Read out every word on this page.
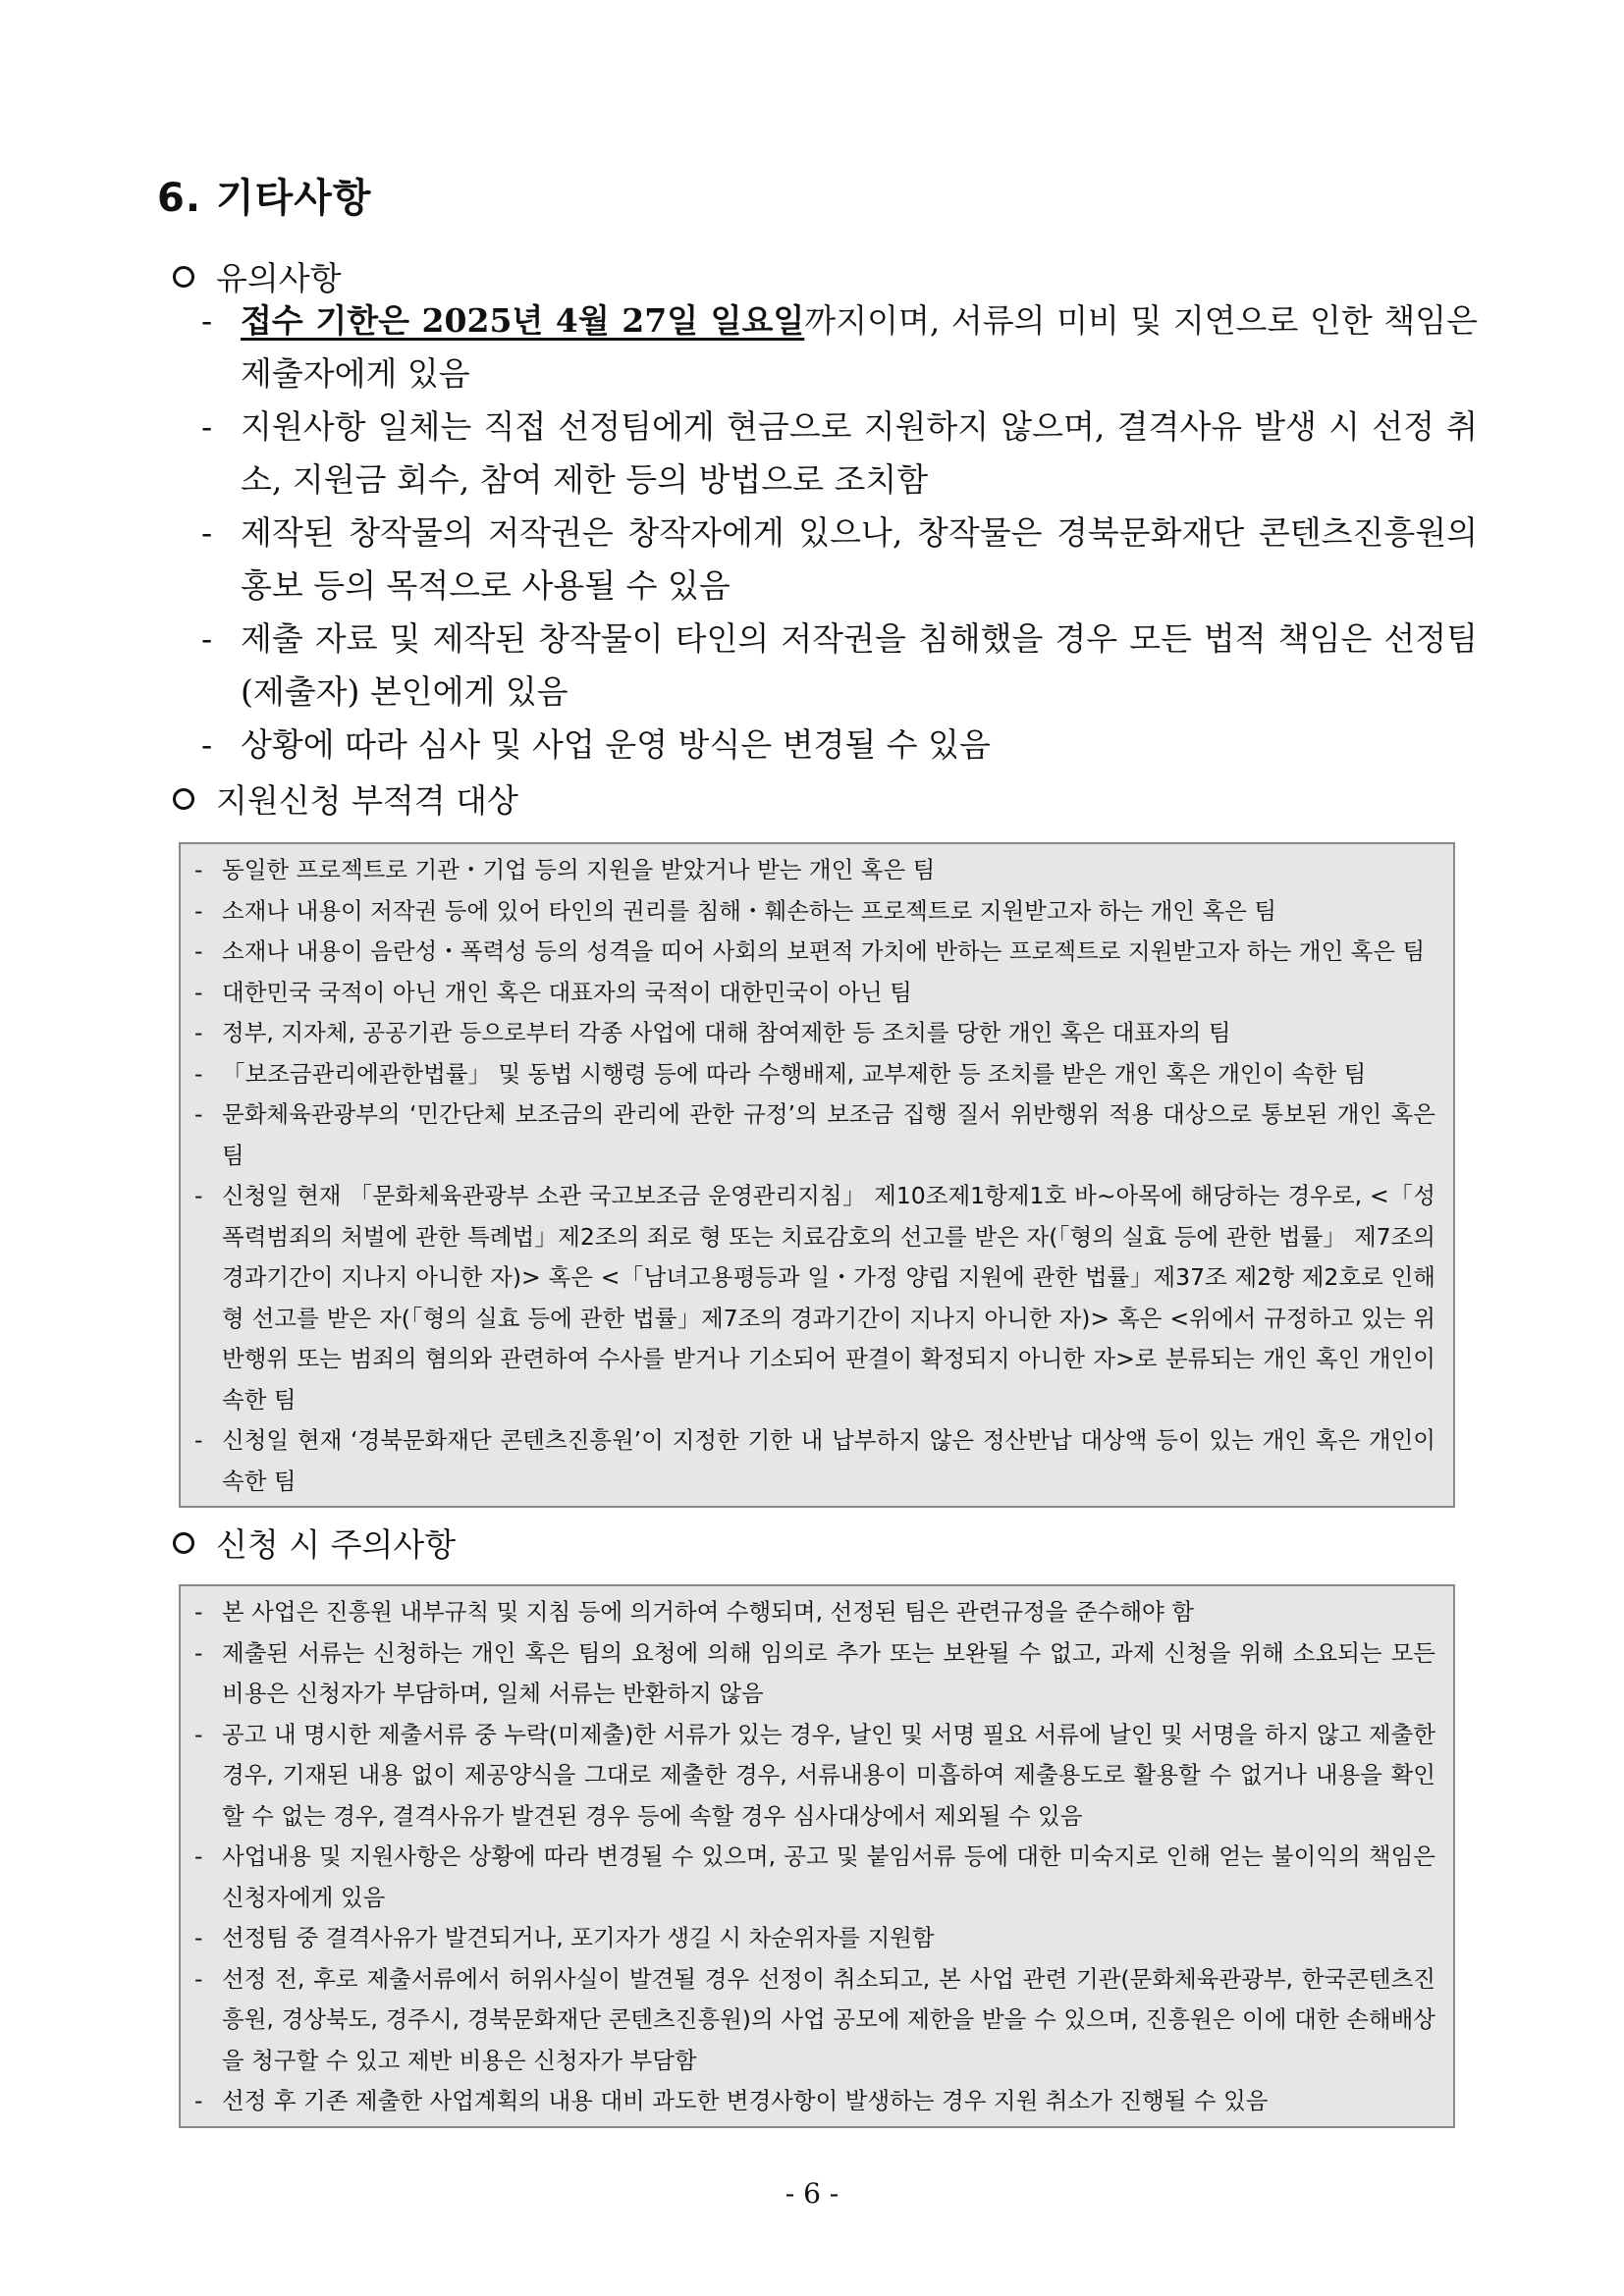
6. 기타사항
유의사항
- 접수 기한은 2025년 4월 27일 일요일까지이며, 서류의 미비 및 지연으로 인한 책임은 제출자에게 있음
- 지원사항 일체는 직접 선정팀에게 현금으로 지원하지 않으며, 결격사유 발생 시 선정 취소, 지원금 회수, 참여 제한 등의 방법으로 조치함
- 제작된 창작물의 저작권은 창작자에게 있으나, 창작물은 경북문화재단 콘텐츠진흥원의 홍보 등의 목적으로 사용될 수 있음
- 제출 자료 및 제작된 창작물이 타인의 저작권을 침해했을 경우 모든 법적 책임은 선정팀(제출자) 본인에게 있음
- 상황에 따라 심사 및 사업 운영 방식은 변경될 수 있음
지원신청 부적격 대상
- 동일한 프로젝트로 기관・기업 등의 지원을 받았거나 받는 개인 혹은 팀
- 소재나 내용이 저작권 등에 있어 타인의 권리를 침해・훼손하는 프로젝트로 지원받고자 하는 개인 혹은 팀
- 소재나 내용이 음란성・폭력성 등의 성격을 띠어 사회의 보편적 가치에 반하는 프로젝트로 지원받고자 하는 개인 혹은 팀
- 대한민국 국적이 아닌 개인 혹은 대표자의 국적이 대한민국이 아닌 팀
- 정부, 지자체, 공공기관 등으로부터 각종 사업에 대해 참여제한 등 조치를 당한 개인 혹은 대표자의 팀
- 「보조금관리에관한법률」 및 동법 시행령 등에 따라 수행배제, 교부제한 등 조치를 받은 개인 혹은 개인이 속한 팀
- 문화체육관광부의 ‘민간단체 보조금의 관리에 관한 규정’의 보조금 집행 질서 위반행위 적용 대상으로 통보된 개인 혹은 팀
- 신청일 현재 「문화체육관광부 소관 국고보조금 운영관리지침」 제10조제1항제1호 바~아목에 해당하는 경우로, <「성폭력범죄의 처벌에 관한 특례법」제2조의 죄로 형 또는 치료감호의 선고를 받은 자(「형의 실효 등에 관한 법률」 제7조의 경과기간이 지나지 아니한 자)> 혹은 <「남녀고용평등과 일・가정 양립 지원에 관한 법률」제37조 제2항 제2호로 인해 형 선고를 받은 자(「형의 실효 등에 관한 법률」제7조의 경과기간이 지나지 아니한 자)> 혹은 <위에서 규정하고 있는 위반행위 또는 범죄의 혐의와 관련하여 수사를 받거나 기소되어 판결이 확정되지 아니한 자>로 분류되는 개인 혹인 개인이 속한 팀
- 신청일 현재 ‘경북문화재단 콘텐츠진흥원’이 지정한 기한 내 납부하지 않은 정산반납 대상액 등이 있는 개인 혹은 개인이 속한 팀
신청 시 주의사항
- 본 사업은 진흥원 내부규칙 및 지침 등에 의거하여 수행되며, 선정된 팀은 관련규정을 준수해야 함
- 제출된 서류는 신청하는 개인 혹은 팀의 요청에 의해 임의로 추가 또는 보완될 수 없고, 과제 신청을 위해 소요되는 모든 비용은 신청자가 부담하며, 일체 서류는 반환하지 않음
- 공고 내 명시한 제출서류 중 누락(미제출)한 서류가 있는 경우, 날인 및 서명 필요 서류에 날인 및 서명을 하지 않고 제출한 경우, 기재된 내용 없이 제공양식을 그대로 제출한 경우, 서류내용이 미흡하여 제출용도로 활용할 수 없거나 내용을 확인할 수 없는 경우, 결격사유가 발견된 경우 등에 속할 경우 심사대상에서 제외될 수 있음
- 사업내용 및 지원사항은 상황에 따라 변경될 수 있으며, 공고 및 붙임서류 등에 대한 미숙지로 인해 얻는 불이익의 책임은 신청자에게 있음
- 선정팀 중 결격사유가 발견되거나, 포기자가 생길 시 차순위자를 지원함
- 선정 전, 후로 제출서류에서 허위사실이 발견될 경우 선정이 취소되고, 본 사업 관련 기관(문화체육관광부, 한국콘텐츠진흥원, 경상북도, 경주시, 경북문화재단 콘텐츠진흥원)의 사업 공모에 제한을 받을 수 있으며, 진흥원은 이에 대한 손해배상을 청구할 수 있고 제반 비용은 신청자가 부담함
- 선정 후 기존 제출한 사업계획의 내용 대비 과도한 변경사항이 발생하는 경우 지원 취소가 진행될 수 있음
- 6 -
